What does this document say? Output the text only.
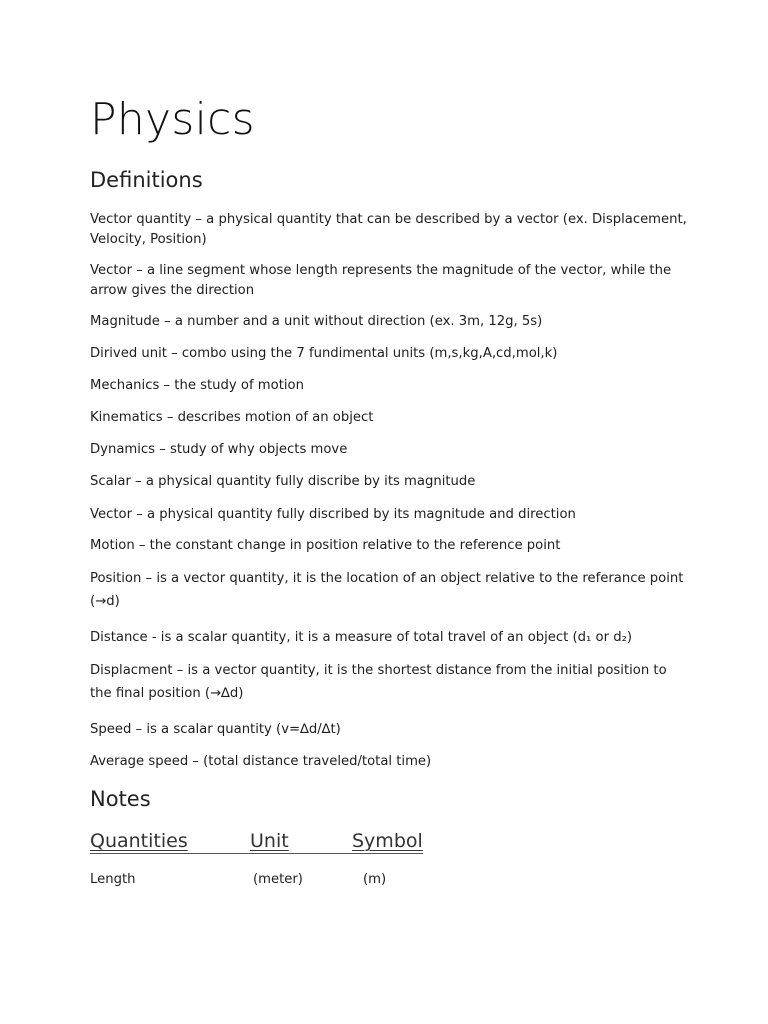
Physics
Definitions

Vector quantity – a physical quantity that can be described by a vector (ex. Displacement, Velocity, Position)

Vector – a line segment whose length represents the magnitude of the vector, while the arrow gives the direction

Magnitude – a number and a unit without direction (ex. 3m, 12g, 5s)

Dirived unit – combo using the 7 fundimental units (m,s,kg,A,cd,mol,k)

Mechanics – the study of motion

Kinematics – describes motion of an object

Dynamics – study of why objects move

Scalar – a physical quantity fully discribe by its magnitude

Vector – a physical quantity fully discribed by its magnitude and direction

Motion – the constant change in position relative to the reference point

Position – is a vector quantity, it is the location of an object relative to the referance point (→d)

Distance - is a scalar quantity, it is a measure of total travel of an object (d₁ or d₂)

Displacment – is a vector quantity, it is the shortest distance from the initial position to the final position (→∆d)

Speed – is a scalar quantity (v=∆d/∆t)

Average speed – (total distance traveled/total time)

Notes
Quantities	Unit	Symbol
Length	(meter)	(m)
